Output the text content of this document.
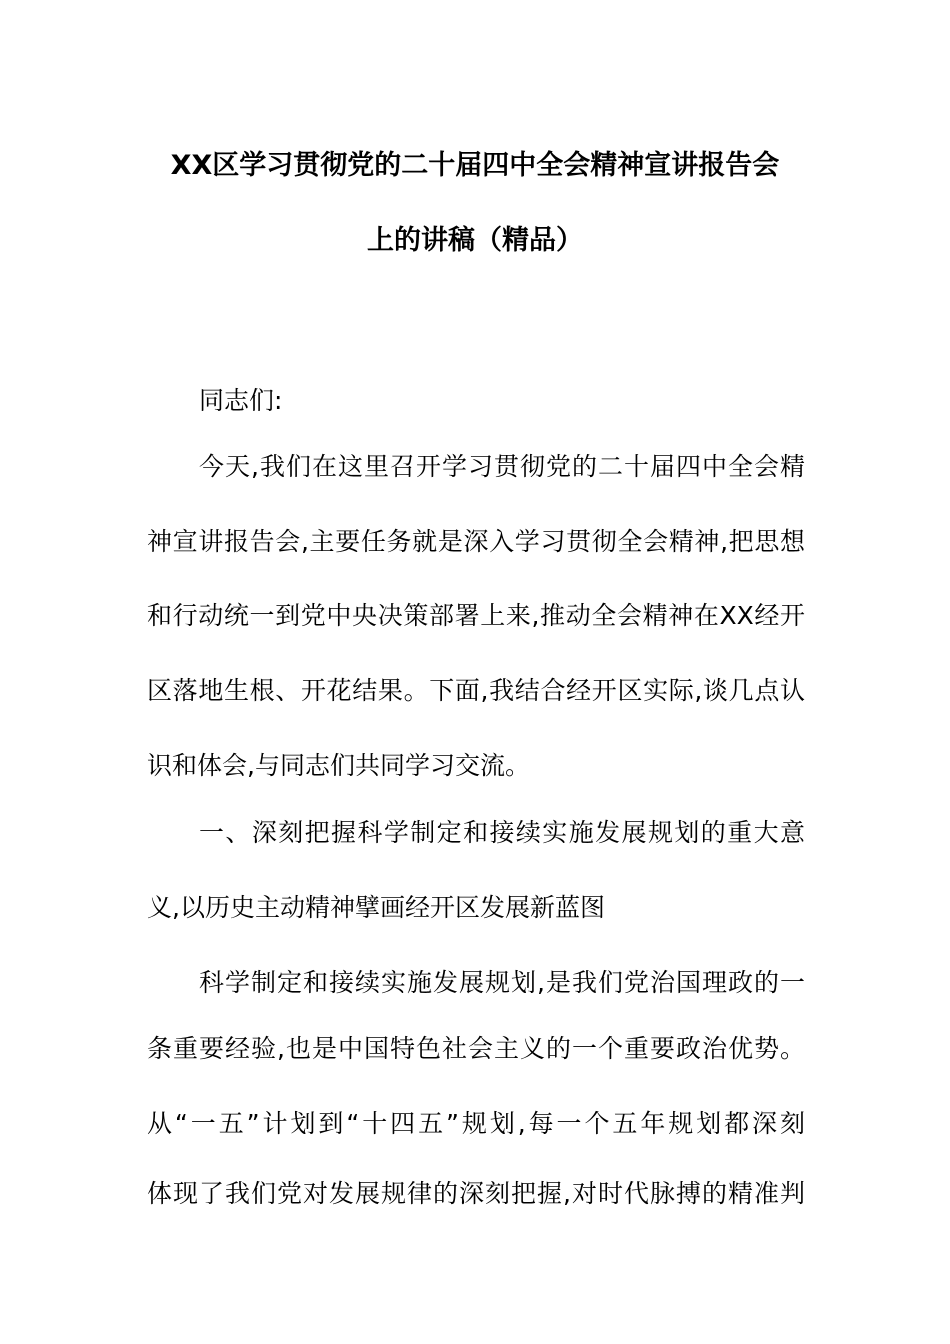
XX区学习贯彻党的二十届四中全会精神宣讲报告会
上的讲稿（精品）
同志们:
今天,我们在这里召开学习贯彻党的二十届四中全会精
神宣讲报告会,主要任务就是深入学习贯彻全会精神,把思想
和行动统一到党中央决策部署上来,推动全会精神在XX经开
区落地生根、开花结果。下面,我结合经开区实际,谈几点认
识和体会,与同志们共同学习交流。
一、深刻把握科学制定和接续实施发展规划的重大意
义,以历史主动精神擘画经开区发展新蓝图
科学制定和接续实施发展规划,是我们党治国理政的一
条重要经验,也是中国特色社会主义的一个重要政治优势。
从“一五”计划到“十四五”规划,每一个五年规划都深刻
体现了我们党对发展规律的深刻把握,对时代脉搏的精准判
